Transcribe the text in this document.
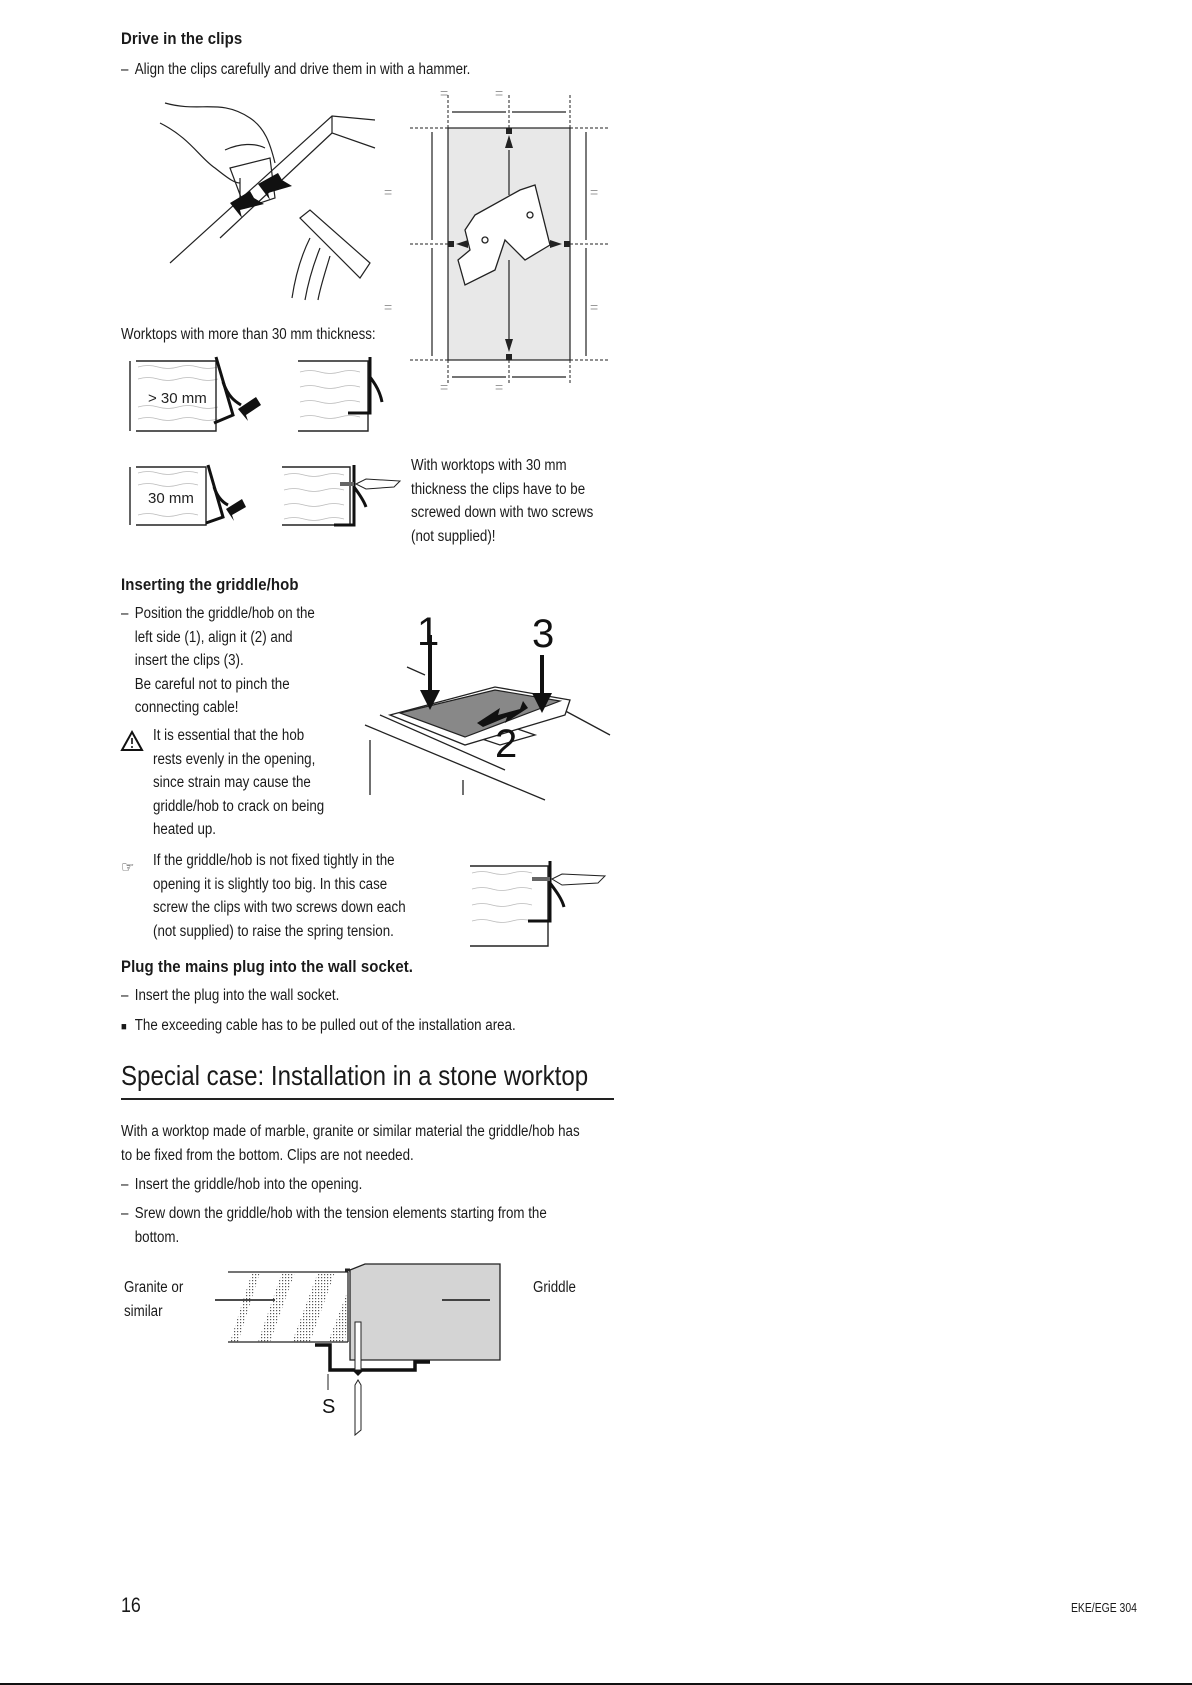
Drive in the clips
– Align the clips carefully and drive them in with a hammer.
=	=
=	=
=
=
=
=
Worktops with more than 30 mm thickness:
> 30 mm
30 mm
With worktops with 30 mm
thickness the clips have to be
screwed down with two screws
(not supplied)!
Inserting the griddle/hob
– Position the griddle/hob on the
left side (1), align it (2) and
insert the clips (3).
Be careful not to pinch the
connecting cable!
It is essential that the hob
rests evenly in the opening,
since strain may cause the
griddle/hob to crack on being
heated up.
1
2
3
☞ If the griddle/hob is not fixed tightly in the
opening it is slightly too big. In this case
screw the clips with two screws down each
(not supplied) to raise the spring tension.
Plug the mains plug into the wall socket.
– Insert the plug into the wall socket.
■ The exceeding cable has to be pulled out of the installation area.
Special case: Installation in a stone worktop
With a worktop made of marble, granite or similar material the griddle/hob has
to be fixed from the bottom. Clips are not needed.
– Insert the griddle/hob into the opening.
– Srew down the griddle/hob with the tension elements starting from the
bottom.
Granite or
similar
Griddle
S
16	EKE/EGE 304
